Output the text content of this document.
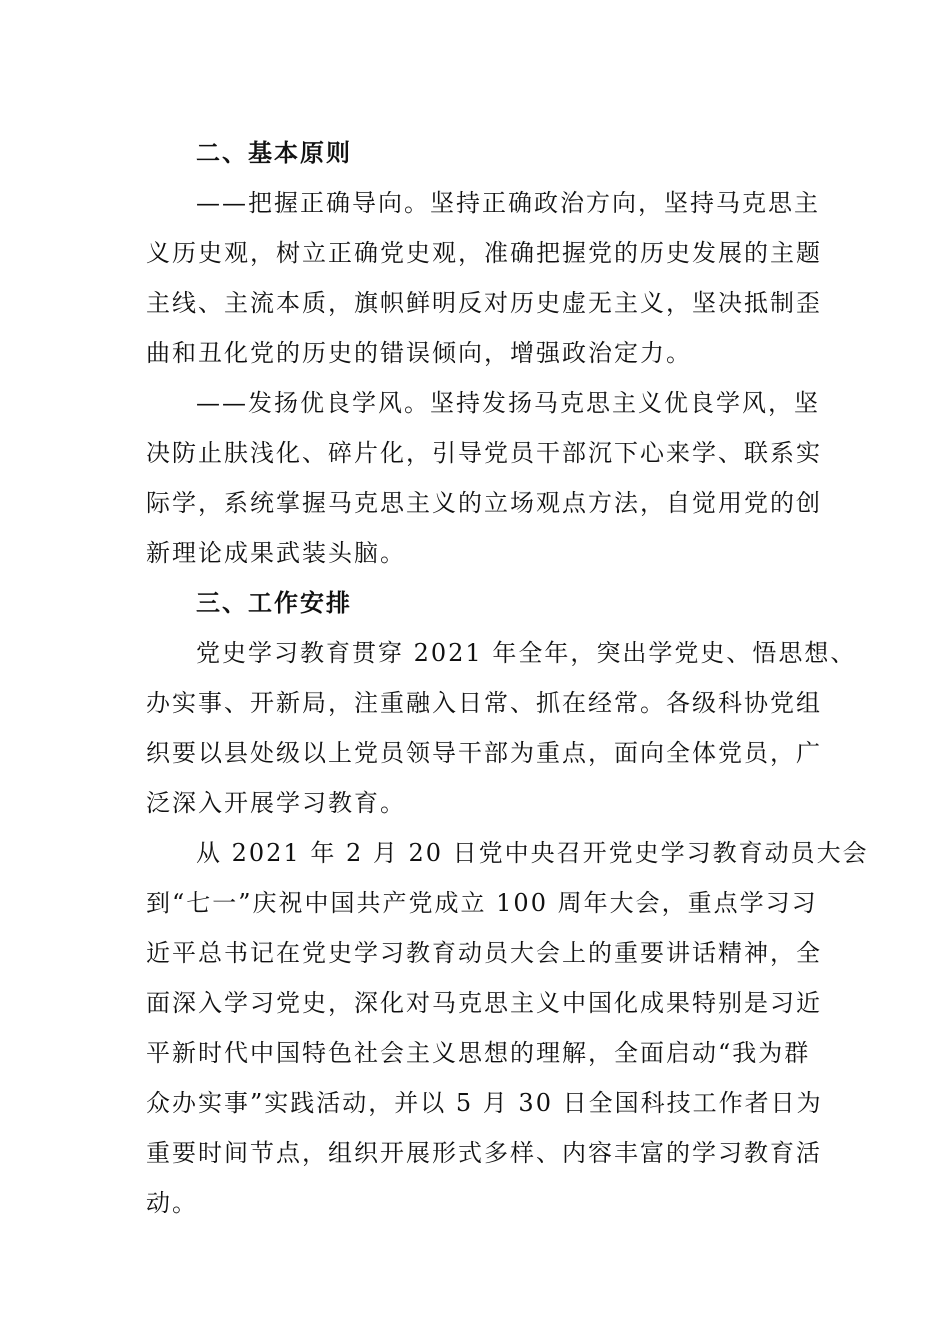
二、基本原则
——把握正确导向。坚持正确政治方向，坚持马克思主
义历史观，树立正确党史观，准确把握党的历史发展的主题
主线、主流本质，旗帜鲜明反对历史虚无主义，坚决抵制歪
曲和丑化党的历史的错误倾向，增强政治定力。
——发扬优良学风。坚持发扬马克思主义优良学风，坚
决防止肤浅化、碎片化，引导党员干部沉下心来学、联系实
际学，系统掌握马克思主义的立场观点方法，自觉用党的创
新理论成果武装头脑。
三、工作安排
党史学习教育贯穿 2021 年全年，突出学党史、悟思想、
办实事、开新局，注重融入日常、抓在经常。各级科协党组
织要以县处级以上党员领导干部为重点，面向全体党员，广
泛深入开展学习教育。
从 2021 年 2 月 20 日党中央召开党史学习教育动员大会
到“七一”庆祝中国共产党成立 100 周年大会，重点学习习
近平总书记在党史学习教育动员大会上的重要讲话精神，全
面深入学习党史，深化对马克思主义中国化成果特别是习近
平新时代中国特色社会主义思想的理解，全面启动“我为群
众办实事”实践活动，并以 5 月 30 日全国科技工作者日为
重要时间节点，组织开展形式多样、内容丰富的学习教育活
动。
